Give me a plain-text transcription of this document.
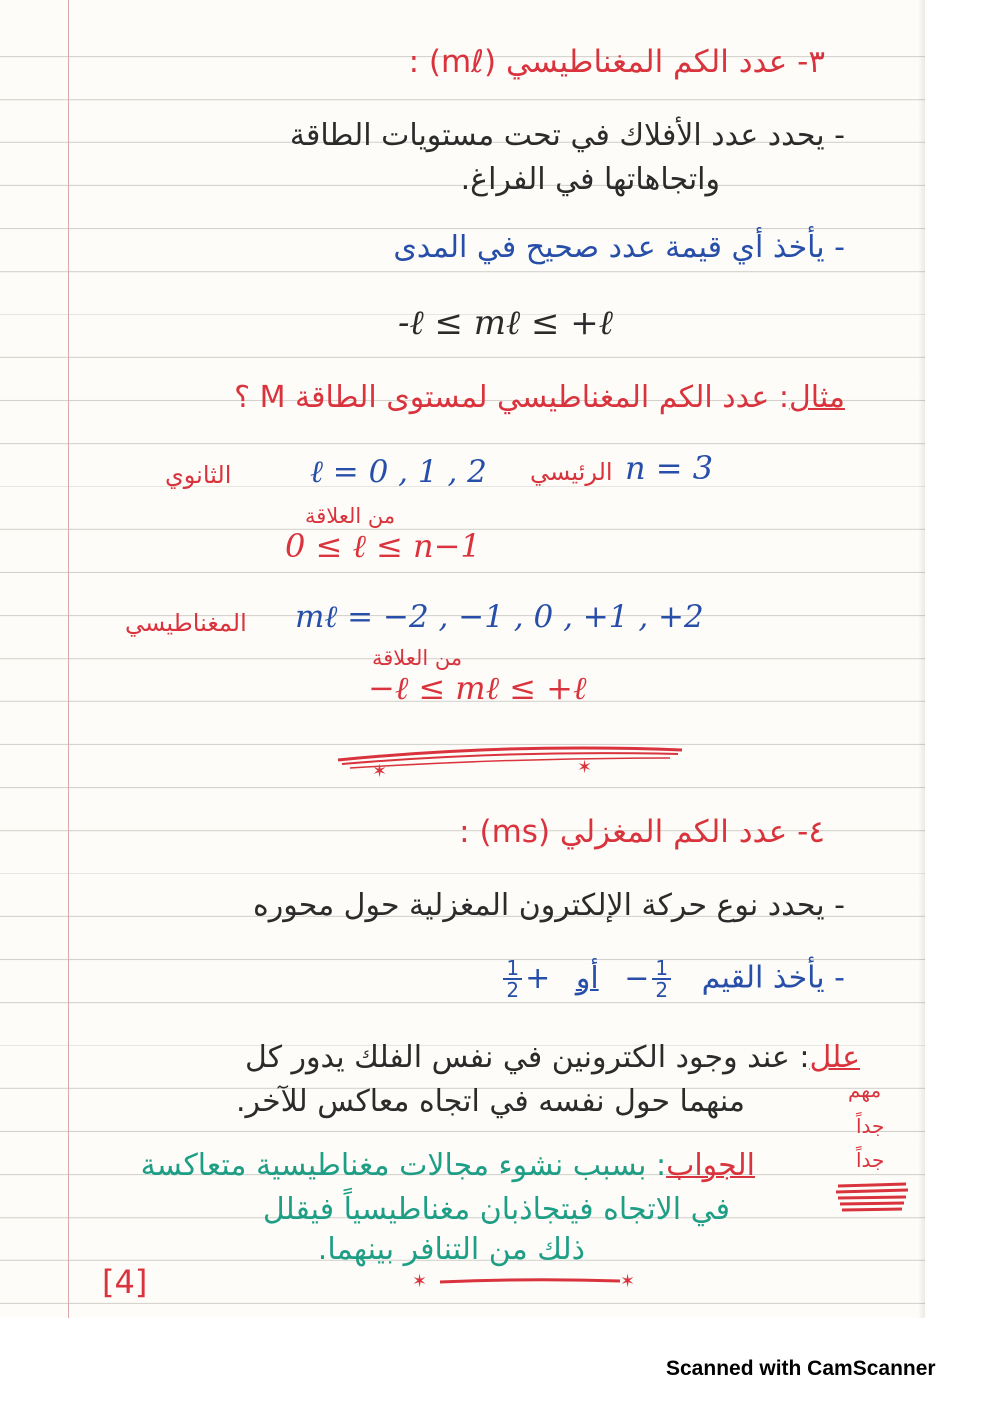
٣- عدد الكم المغناطيسي (mℓ) :
- يحدد عدد الأفلاك في تحت مستويات الطاقة
واتجاهاتها في الفراغ.
- يأخذ أي قيمة عدد صحيح في المدى
-ℓ ≤ mℓ ≤ +ℓ
مثال: عدد الكم المغناطيسي لمستوى الطاقة M ؟
الرئيسي n = 3
ℓ = 0 , 1 , 2
الثانوي
من العلاقة
0 ≤ ℓ ≤ n−1
mℓ = −2 , −1 , 0 , +1 , +2
المغناطيسي
من العلاقة
−ℓ ≤ mℓ ≤ +ℓ
✶	✶
٤- عدد الكم المغزلي (ms) :
- يحدد نوع حركة الإلكترون المغزلية حول محوره
- يأخذ القيم
$\frac{1}{2}$
− أو +
$\frac{1}{2}$
علل: عند وجود الكترونين في نفس الفلك يدور كل
منهما حول نفسه في اتجاه معاكس للآخر.	مهم
جداً
جداً
الجواب: بسبب نشوء مجالات مغناطيسية متعاكسة
في الاتجاه فيتجاذبان مغناطيسياً فيقلل
ذلك من التنافر بينهما.
[4]	✶	✶
Scanned with CamScanner
